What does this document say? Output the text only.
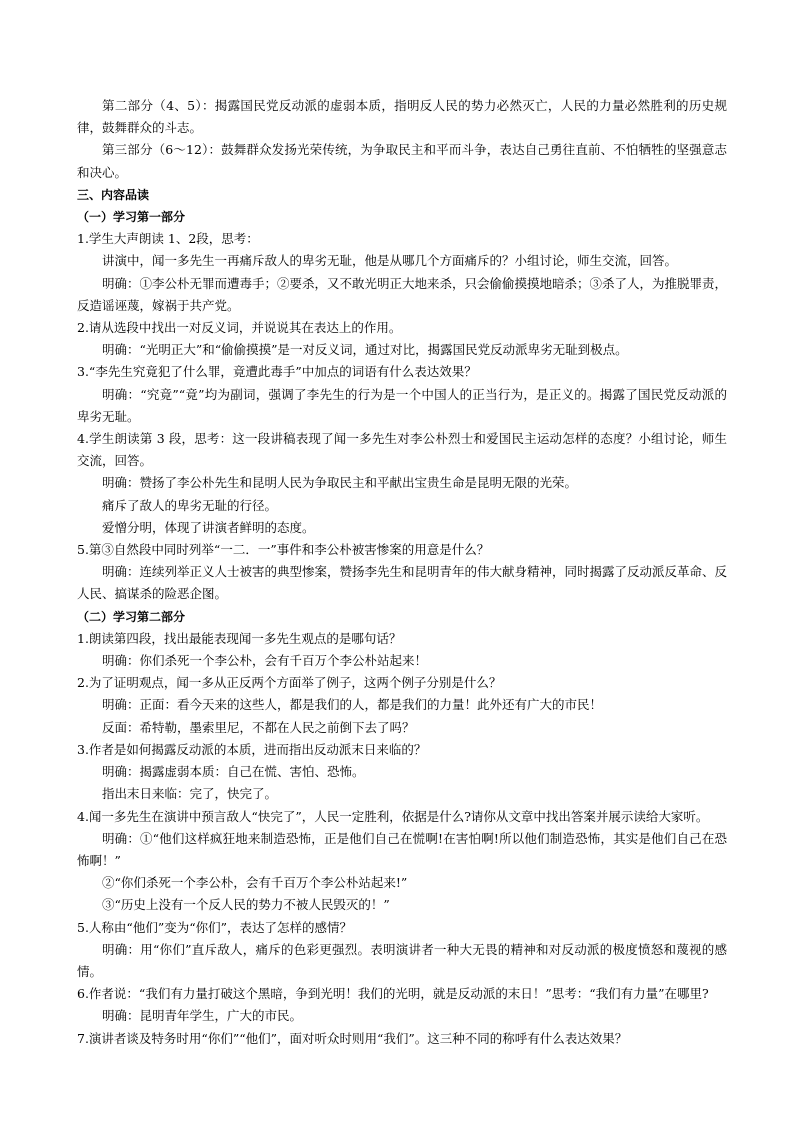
第二部分（4、5）：揭露国民党反动派的虚弱本质，指明反人民的势力必然灭亡，人民的力量必然胜利的历史规律，鼓舞群众的斗志。

第三部分（6～12）：鼓舞群众发扬光荣传统，为争取民主和平而斗争，表达自己勇往直前、不怕牺牲的坚强意志和决心。

三、内容品读

（一）学习第一部分

1.学生大声朗读 1、2段，思考：

讲演中，闻一多先生一再痛斥敌人的卑劣无耻，他是从哪几个方面痛斥的？小组讨论，师生交流，回答。

明确：①李公朴无罪而遭毒手；②要杀，又不敢光明正大地来杀，只会偷偷摸摸地暗杀；③杀了人，为推脱罪责，反造谣诬蔑，嫁祸于共产党。

2.请从选段中找出一对反义词，并说说其在表达上的作用。

明确：“光明正大”和“偷偷摸摸”是一对反义词，通过对比，揭露国民党反动派卑劣无耻到极点。

3.“李先生究竟犯了什么罪，竟遭此毒手”中加点的词语有什么表达效果？

明确：“究竟”“竟”均为副词，强调了李先生的行为是一个中国人的正当行为，是正义的。揭露了国民党反动派的卑劣无耻。

4.学生朗读第 3 段，思考：这一段讲稿表现了闻一多先生对李公朴烈士和爱国民主运动怎样的态度？小组讨论，师生交流，回答。

明确：赞扬了李公朴先生和昆明人民为争取民主和平献出宝贵生命是昆明无限的光荣。

痛斥了敌人的卑劣无耻的行径。

爱憎分明，体现了讲演者鲜明的态度。

5.第③自然段中同时列举“一二．一”事件和李公朴被害惨案的用意是什么？

明确：连续列举正义人士被害的典型惨案，赞扬李先生和昆明青年的伟大献身精神，同时揭露了反动派反革命、反人民、搞谋杀的险恶企图。

（二）学习第二部分

1.朗读第四段，找出最能表现闻一多先生观点的是哪句话？

明确：你们杀死一个李公朴，会有千百万个李公朴站起来！

2.为了证明观点，闻一多从正反两个方面举了例子，这两个例子分别是什么？

明确：正面：看今天来的这些人，都是我们的人，都是我们的力量！此外还有广大的市民！

反面：希特勒，墨索里尼，不都在人民之前倒下去了吗？

3.作者是如何揭露反动派的本质，进而指出反动派末日来临的？

明确：揭露虚弱本质：自己在慌、害怕、恐怖。

指出末日来临：完了，快完了。

4.闻一多先生在演讲中预言敌人“快完了”，人民一定胜利，依据是什么?请你从文章中找出答案并展示读给大家听。

明确：①“他们这样疯狂地来制造恐怖，正是他们自己在慌啊!在害怕啊!所以他们制造恐怖，其实是他们自己在恐怖啊！”

②“你们杀死一个李公朴，会有千百万个李公朴站起来!”

③“历史上没有一个反人民的势力不被人民毁灭的！”

5.人称由“他们”变为“你们”，表达了怎样的感情？

明确：用“你们”直斥敌人，痛斥的色彩更强烈。表明演讲者一种大无畏的精神和对反动派的极度愤怒和蔑视的感情。

6.作者说：“我们有力量打破这个黑暗，争到光明！我们的光明，就是反动派的末日！”思考：“我们有力量”在哪里?

明确：昆明青年学生，广大的市民。

7.演讲者谈及特务时用“你们”“他们”，面对听众时则用“我们”。这三种不同的称呼有什么表达效果？
